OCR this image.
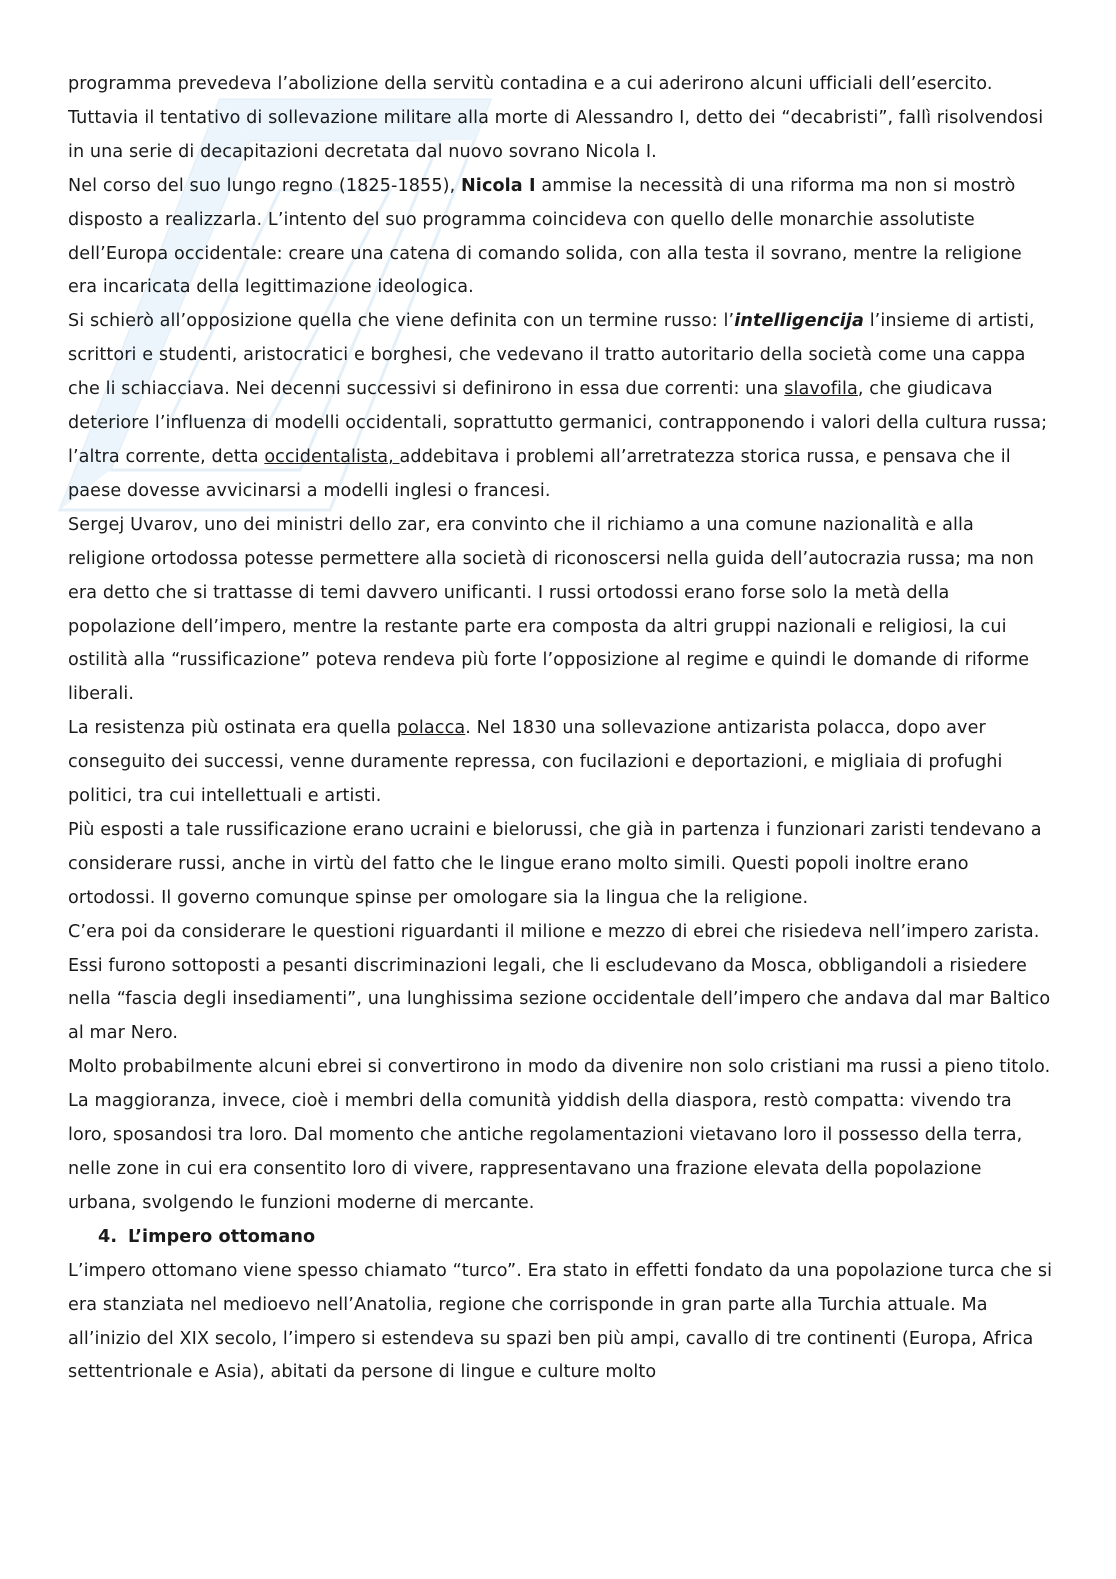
programma prevedeva l’abolizione della servitù contadina e a cui aderirono alcuni ufficiali dell’esercito. Tuttavia il tentativo di sollevazione militare alla morte di Alessandro I, detto dei “decabristi”, fallì risolvendosi in una serie di decapitazioni decretata dal nuovo sovrano Nicola I.

Nel corso del suo lungo regno (1825-1855), Nicola I ammise la necessità di una riforma ma non si mostrò disposto a realizzarla. L’intento del suo programma coincideva con quello delle monarchie assolutiste dell’Europa occidentale: creare una catena di comando solida, con alla testa il sovrano, mentre la religione era incaricata della legittimazione ideologica.

Si schierò all’opposizione quella che viene definita con un termine russo: l’intelligencija l’insieme di artisti, scrittori e studenti, aristocratici e borghesi, che vedevano il tratto autoritario della società come una cappa che li schiacciava. Nei decenni successivi si definirono in essa due correnti: una slavofila, che giudicava deteriore l’influenza di modelli occidentali, soprattutto germanici, contrapponendo i valori della cultura russa; l’altra corrente, detta occidentalista, addebitava i problemi all’arretratezza storica russa, e pensava che il paese dovesse avvicinarsi a modelli inglesi o francesi.

Sergej Uvarov, uno dei ministri dello zar, era convinto che il richiamo a una comune nazionalità e alla religione ortodossa potesse permettere alla società di riconoscersi nella guida dell’autocrazia russa; ma non era detto che si trattasse di temi davvero unificanti. I russi ortodossi erano forse solo la metà della popolazione dell’impero, mentre la restante parte era composta da altri gruppi nazionali e religiosi, la cui ostilità alla “russificazione” poteva rendeva più forte l’opposizione al regime e quindi le domande di riforme liberali.

La resistenza più ostinata era quella polacca. Nel 1830 una sollevazione antizarista polacca, dopo aver conseguito dei successi, venne duramente repressa, con fucilazioni e deportazioni, e migliaia di profughi politici, tra cui intellettuali e artisti.

Più esposti a tale russificazione erano ucraini e bielorussi, che già in partenza i funzionari zaristi tendevano a considerare russi, anche in virtù del fatto che le lingue erano molto simili. Questi popoli inoltre erano ortodossi. Il governo comunque spinse per omologare sia la lingua che la religione.

C’era poi da considerare le questioni riguardanti il milione e mezzo di ebrei che risiedeva nell’impero zarista. Essi furono sottoposti a pesanti discriminazioni legali, che li escludevano da Mosca, obbligandoli a risiedere nella “fascia degli insediamenti”, una lunghissima sezione occidentale dell’impero che andava dal mar Baltico al mar Nero.

Molto probabilmente alcuni ebrei si convertirono in modo da divenire non solo cristiani ma russi a pieno titolo. La maggioranza, invece, cioè i membri della comunità yiddish della diaspora, restò compatta: vivendo tra loro, sposandosi tra loro. Dal momento che antiche regolamentazioni vietavano loro il possesso della terra, nelle zone in cui era consentito loro di vivere, rappresentavano una frazione elevata della popolazione urbana, svolgendo le funzioni moderne di mercante.

4. L’impero ottomano

L’impero ottomano viene spesso chiamato “turco”. Era stato in effetti fondato da una popolazione turca che si era stanziata nel medioevo nell’Anatolia, regione che corrisponde in gran parte alla Turchia attuale. Ma all’inizio del XIX secolo, l’impero si estendeva su spazi ben più ampi, cavallo di tre continenti (Europa, Africa settentrionale e Asia), abitati da persone di lingue e culture molto
